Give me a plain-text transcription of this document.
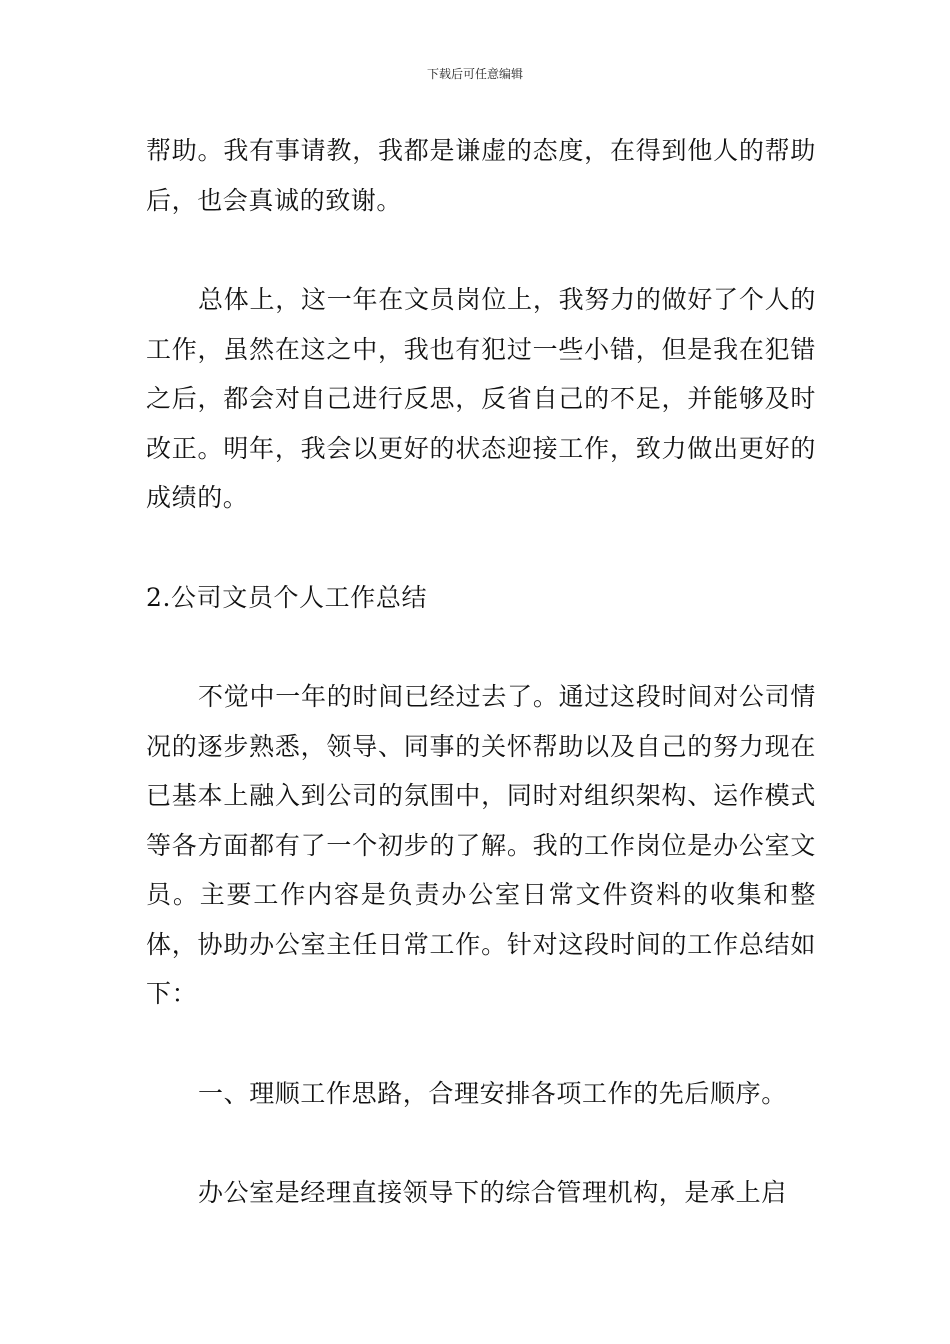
下载后可任意编辑

帮助。我有事请教，我都是谦虚的态度，在得到他人的帮助后，也会真诚的致谢。

总体上，这一年在文员岗位上，我努力的做好了个人的工作，虽然在这之中，我也有犯过一些小错，但是我在犯错之后，都会对自己进行反思，反省自己的不足，并能够及时改正。明年，我会以更好的状态迎接工作，致力做出更好的成绩的。

2.公司文员个人工作总结

不觉中一年的时间已经过去了。通过这段时间对公司情况的逐步熟悉，领导、同事的关怀帮助以及自己的努力现在已基本上融入到公司的氛围中，同时对组织架构、运作模式等各方面都有了一个初步的了解。我的工作岗位是办公室文员。主要工作内容是负责办公室日常文件资料的收集和整体，协助办公室主任日常工作。针对这段时间的工作总结如下：

一、理顺工作思路，合理安排各项工作的先后顺序。

办公室是经理直接领导下的综合管理机构，是承上启
